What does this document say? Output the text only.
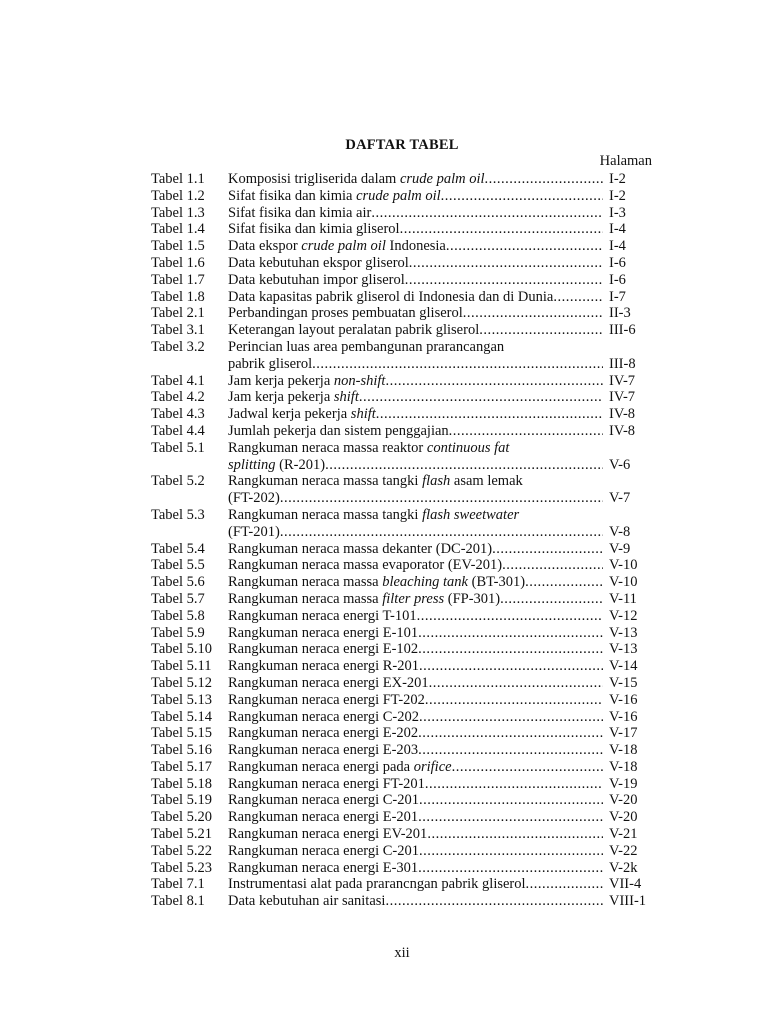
DAFTAR TABEL
Halaman
Tabel 1.1	Komposisi trigliserida dalam crude palm oil .....	I-2
Tabel 1.2	Sifat fisika dan kimia crude palm oil .....	I-2
Tabel 1.3	Sifat fisika dan kimia air .....	I-3
Tabel 1.4	Sifat fisika dan kimia gliserol .....	I-4
Tabel 1.5	Data ekspor crude palm oil Indonesia .....	I-4
Tabel 1.6	Data kebutuhan ekspor gliserol .....	I-6
Tabel 1.7	Data kebutuhan impor gliserol .....	I-6
Tabel 1.8	Data kapasitas pabrik gliserol di Indonesia dan di Dunia .....	I-7
Tabel 2.1	Perbandingan proses pembuatan gliserol .....	II-3
Tabel 3.1	Keterangan layout peralatan pabrik gliserol .....	III-6
Tabel 3.2	Perincian luas area pembangunan prarancangan
pabrik gliserol .....	III-8
Tabel 4.1	Jam kerja pekerja non-shift .....	IV-7
Tabel 4.2	Jam kerja pekerja shift .....	IV-7
Tabel 4.3	Jadwal kerja pekerja shift .....	IV-8
Tabel 4.4	Jumlah pekerja dan sistem penggajian .....	IV-8
Tabel 5.1	Rangkuman neraca massa reaktor continuous fat
splitting (R-201) .....	V-6
Tabel 5.2	Rangkuman neraca massa tangki flash asam lemak
(FT-202) .....	V-7
Tabel 5.3	Rangkuman neraca massa tangki flash sweetwater
(FT-201) .....	V-8
Tabel 5.4	Rangkuman neraca massa dekanter (DC-201) .....	V-9
Tabel 5.5	Rangkuman neraca massa evaporator (EV-201) .....	V-10
Tabel 5.6	Rangkuman neraca massa bleaching tank (BT-301) .....	V-10
Tabel 5.7	Rangkuman neraca massa filter press (FP-301) .....	V-11
Tabel 5.8	Rangkuman neraca energi T-101 .....	V-12
Tabel 5.9	Rangkuman neraca energi E-101 .....	V-13
Tabel 5.10	Rangkuman neraca energi E-102 .....	V-13
Tabel 5.11	Rangkuman neraca energi R-201 .....	V-14
Tabel 5.12	Rangkuman neraca energi EX-201 .....	V-15
Tabel 5.13	Rangkuman neraca energi FT-202 .....	V-16
Tabel 5.14	Rangkuman neraca energi C-202 .....	V-16
Tabel 5.15	Rangkuman neraca energi E-202 .....	V-17
Tabel 5.16	Rangkuman neraca energi E-203 .....	V-18
Tabel 5.17	Rangkuman neraca energi pada orifice .....	V-18
Tabel 5.18	Rangkuman neraca energi FT-201 .....	V-19
Tabel 5.19	Rangkuman neraca energi C-201 .....	V-20
Tabel 5.20	Rangkuman neraca energi E-201 .....	V-20
Tabel 5.21	Rangkuman neraca energi EV-201 .....	V-21
Tabel 5.22	Rangkuman neraca energi C-201 .....	V-22
Tabel 5.23	Rangkuman neraca energi E-301 .....	V-2k
Tabel 7.1	Instrumentasi alat pada prarancngan pabrik gliserol .....	VII-4
Tabel 8.1	Data kebutuhan air sanitasi .....	VIII-1
xii
